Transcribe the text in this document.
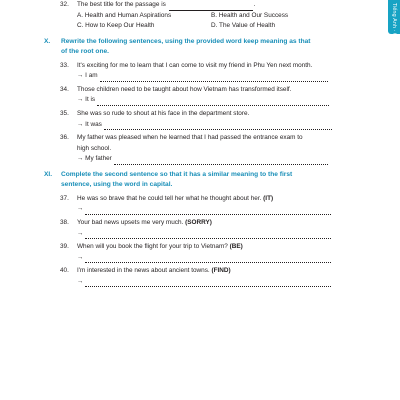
Tiếng Anh · G6
32.	The best title for the passage is	.
A. Health and Human Aspirations	B. Health and Our Success
C. How to Keep Our Health	D. The Value of Health
X. Rewrite the following sentences, using the provided word keep meaning as that
of the root one.
33.	It's exciting for me to learn that I can come to visit my friend in Phu Yen next month.
→ I am
34.	Those children need to be taught about how Vietnam has transformed itself.
→ It is
35.	She was so rude to shout at his face in the department store.
→ It was
36.	My father was pleased when he learned that I had passed the entrance exam to
high school.
→ My father
XI. Complete the second sentence so that it has a similar meaning to the first
sentence, using the word in capital.
37.	He was so brave that he could tell her what he thought about her. (IT)
→
38.	Your bad news upsets me very much. (SORRY)
→
39.	When will you book the flight for your trip to Vietnam? (BE)
→
40.	I'm interested in the news about ancient towns. (FIND)
→
